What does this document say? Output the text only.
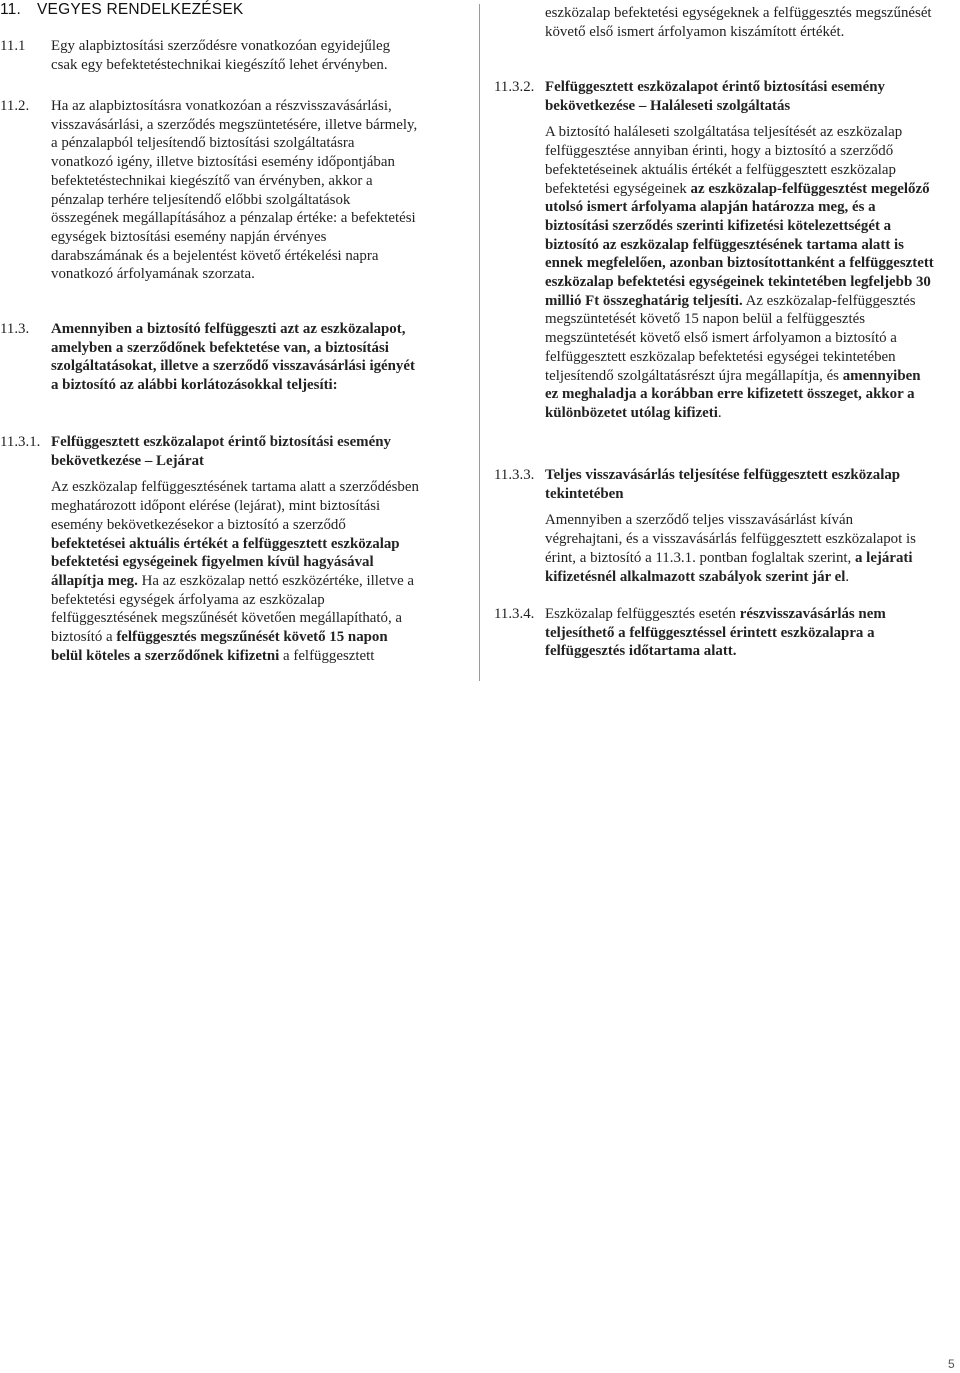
11. VEGYES RENDELKEZÉSEK
11.1 Egy alapbiztosítási szerződésre vonatkozóan egyidejűleg csak egy befektetéstechnikai kiegészítő lehet érvényben.

11.2. Ha az alapbiztosításra vonatkozóan a részvisszavásárlási, visszavásárlási, a szerződés megszüntetésére, illetve bármely, a pénzalapból teljesítendő biztosítási szolgáltatásra vonatkozó igény, illetve biztosítási esemény időpontjában befektetéstechnikai kiegészítő van érvényben, akkor a pénzalap terhére teljesítendő előbbi szolgáltatások összegének megállapításához a pénzalap értéke: a befektetési egységek biztosítási esemény napján érvényes darabszámának és a bejelentést követő értékelési napra vonatkozó árfolyamának szorzata.

11.3. Amennyiben a biztosító felfüggeszti azt az eszközalapot, amelyben a szerződőnek befektetése van, a biztosítási szolgáltatásokat, illetve a szerződő visszavásárlási igényét a biztosító az alábbi korlátozásokkal teljesíti:

11.3.1. Felfüggesztett eszközalapot érintő biztosítási esemény bekövetkezése – Lejárat

Az eszközalap felfüggesztésének tartama alatt a szerződésben meghatározott időpont elérése (lejárat), mint biztosítási esemény bekövetkezésekor a biztosító a szerződő befektetései aktuális értékét a felfüggesztett eszközalap befektetési egységeinek figyelmen kívül hagyásával állapítja meg. Ha az eszközalap nettó eszközértéke, illetve a befektetési egységek árfolyama az eszközalap felfüggesztésének megszűnését követően megállapítható, a biztosító a felfüggesztés megszűnését követő 15 napon belül köteles a szerződőnek kifizetni a felfüggesztett

eszközalap befektetési egységeknek a felfüggesztés megszűnését követő első ismert árfolyamon kiszámított értékét.

11.3.2. Felfüggesztett eszközalapot érintő biztosítási esemény bekövetkezése – Haláleseti szolgáltatás

A biztosító haláleseti szolgáltatása teljesítését az eszközalap felfüggesztése annyiban érinti, hogy a biztosító a szerződő befektetéseinek aktuális értékét a felfüggesztett eszközalap befektetési egységeinek az eszközalap-felfüggesztést megelőző utolsó ismert árfolyama alapján határozza meg, és a biztosítási szerződés szerinti kifizetési kötelezettségét a biztosító az eszközalap felfüggesztésének tartama alatt is ennek megfelelően, azonban biztosítottanként a felfüggesztett eszközalap befektetési egységeinek tekintetében legfeljebb 30 millió Ft összeghatárig teljesíti. Az eszközalap-felfüggesztés megszüntetését követő 15 napon belül a felfüggesztés megszüntetését követő első ismert árfolyamon a biztosító a felfüggesztett eszközalap befektetési egységei tekintetében teljesítendő szolgáltatásrészt újra megállapítja, és amennyiben ez meghaladja a korábban erre kifizetett összeget, akkor a különbözetet utólag kifizeti.

11.3.3. Teljes visszavásárlás teljesítése felfüggesztett eszközalap tekintetében

Amennyiben a szerződő teljes visszavásárlást kíván végrehajtani, és a visszavásárlás felfüggesztett eszközalapot is érint, a biztosító a 11.3.1. pontban foglaltak szerint, a lejárati kifizetésnél alkalmazott szabályok szerint jár el.

11.3.4. Eszközalap felfüggesztés esetén részvisszavásárlás nem teljesíthető a felfüggesztéssel érintett eszközalapra a felfüggesztés időtartama alatt.

5
